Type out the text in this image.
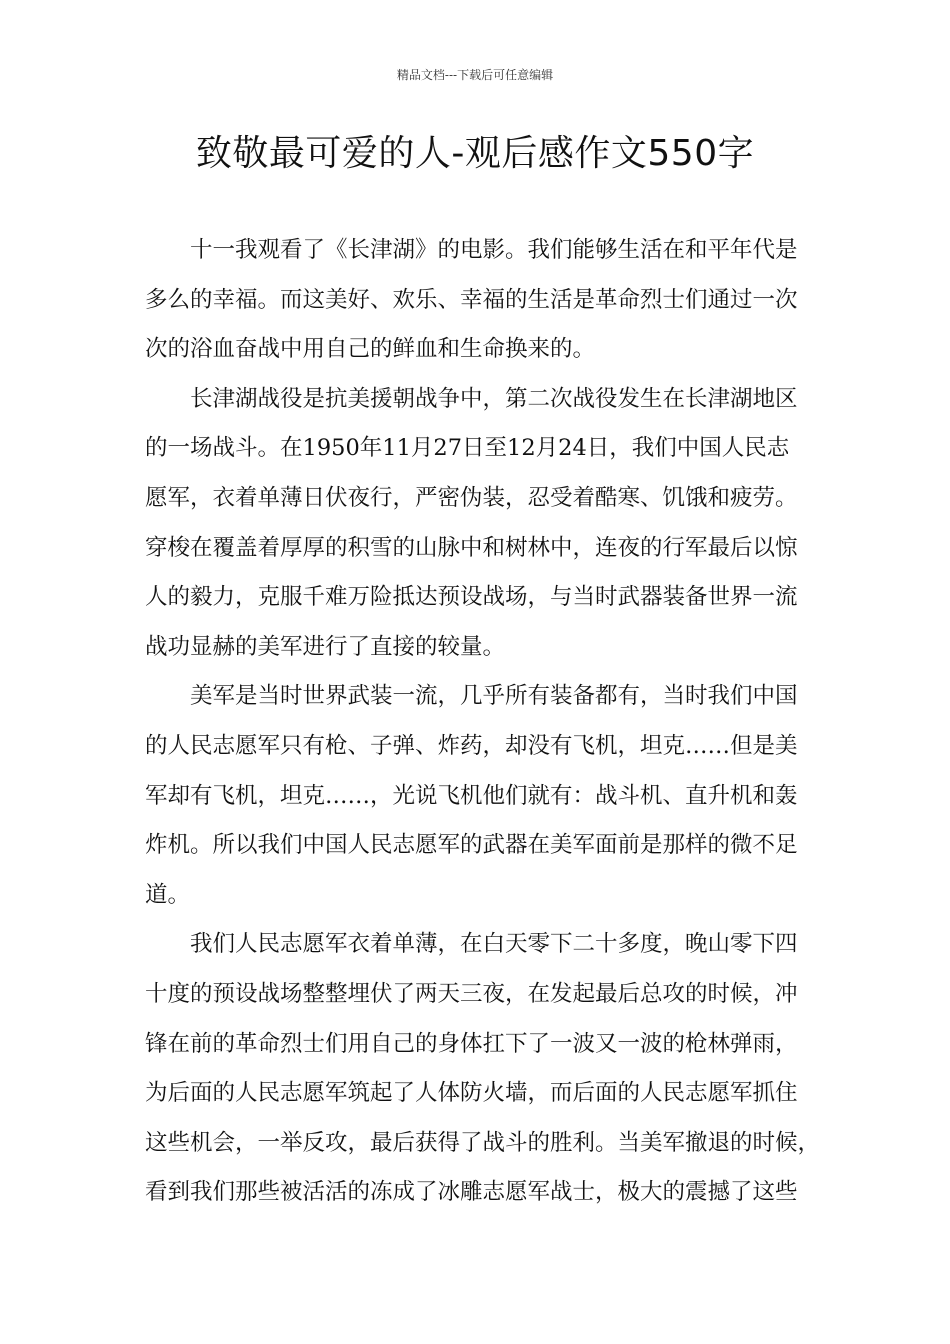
精品文档---下载后可任意编辑
致敬最可爱的人-观后感作文550字
十一我观看了《长津湖》的电影。我们能够生活在和平年代是
多么的幸福。而这美好、欢乐、幸福的生活是革命烈士们通过一次
次的浴血奋战中用自己的鲜血和生命换来的。
长津湖战役是抗美援朝战争中，第二次战役发生在长津湖地区
的一场战斗。在1950年11月27日至12月24日，我们中国人民志
愿军，衣着单薄日伏夜行，严密伪装，忍受着酷寒、饥饿和疲劳。
穿梭在覆盖着厚厚的积雪的山脉中和树林中，连夜的行军最后以惊
人的毅力，克服千难万险抵达预设战场，与当时武器装备世界一流
战功显赫的美军进行了直接的较量。
美军是当时世界武装一流，几乎所有装备都有，当时我们中国
的人民志愿军只有枪、子弹、炸药，却没有飞机，坦克……但是美
军却有飞机，坦克……，光说飞机他们就有：战斗机、直升机和轰
炸机。所以我们中国人民志愿军的武器在美军面前是那样的微不足
道。
我们人民志愿军衣着单薄，在白天零下二十多度，晚山零下四
十度的预设战场整整埋伏了两天三夜，在发起最后总攻的时候，冲
锋在前的革命烈士们用自己的身体扛下了一波又一波的枪林弹雨，
为后面的人民志愿军筑起了人体防火墙，而后面的人民志愿军抓住
这些机会，一举反攻，最后获得了战斗的胜利。当美军撤退的时候，
看到我们那些被活活的冻成了冰雕志愿军战士，极大的震撼了这些
